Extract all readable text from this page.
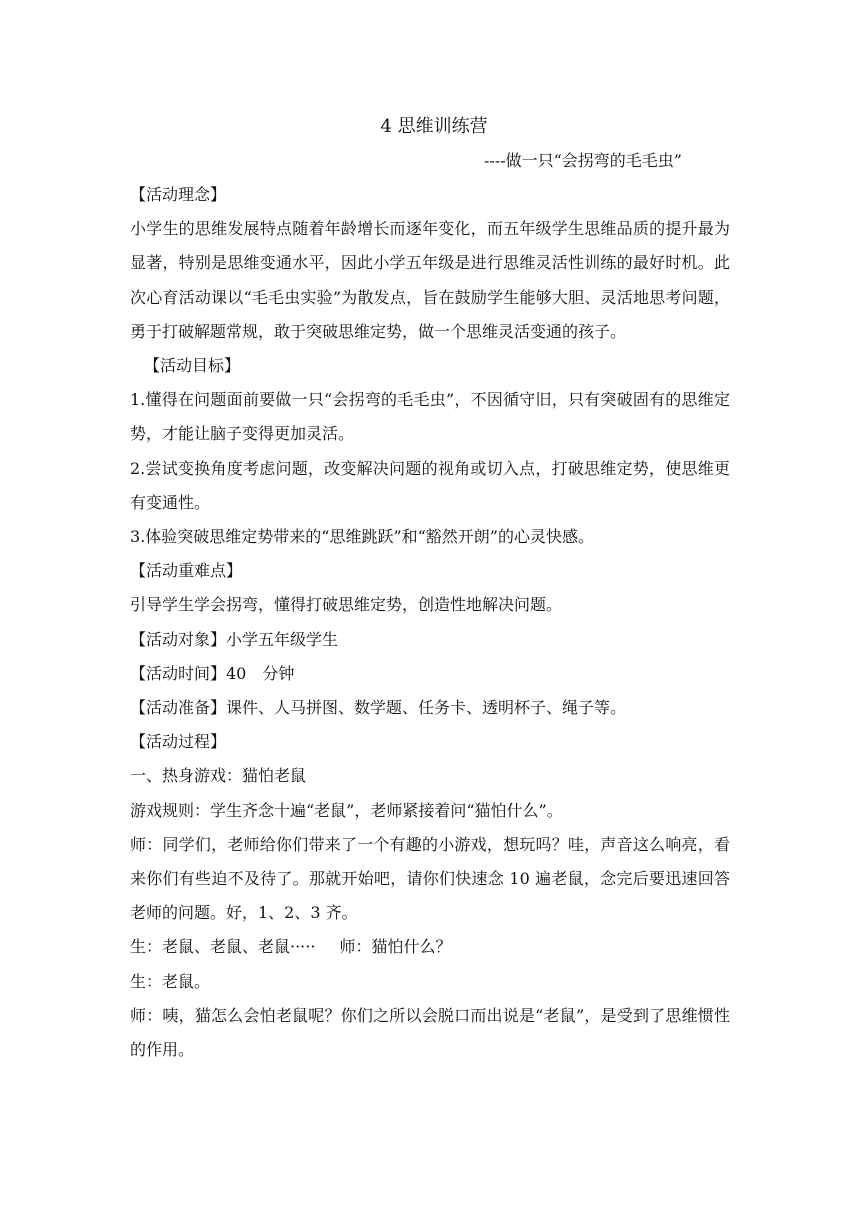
4 思维训练营

----做一只“会拐弯的毛毛虫”

【活动理念】

小学生的思维发展特点随着年龄增长而逐年变化，而五年级学生思维品质的提升最为显著，特别是思维变通水平，因此小学五年级是进行思维灵活性训练的最好时机。此次心育活动课以“毛毛虫实验”为散发点，旨在鼓励学生能够大胆、灵活地思考问题，勇于打破解题常规，敢于突破思维定势，做一个思维灵活变通的孩子。

【活动目标】

1.懂得在问题面前要做一只“会拐弯的毛毛虫”，不因循守旧，只有突破固有的思维定势，才能让脑子变得更加灵活。

2.尝试变换角度考虑问题，改变解决问题的视角或切入点，打破思维定势，使思维更有变通性。

3.体验突破思维定势带来的“思维跳跃”和“豁然开朗”的心灵快感。

【活动重难点】

引导学生学会拐弯，懂得打破思维定势，创造性地解决问题。

【活动对象】小学五年级学生

【活动时间】40　分钟

【活动准备】课件、人马拼图、数学题、任务卡、透明杯子、绳子等。

【活动过程】

一、热身游戏：猫怕老鼠

游戏规则：学生齐念十遍“老鼠”，老师紧接着问“猫怕什么”。

师：同学们，老师给你们带来了一个有趣的小游戏，想玩吗？哇，声音这么响亮，看来你们有些迫不及待了。那就开始吧，请你们快速念 10 遍老鼠，念完后要迅速回答老师的问题。好，1、2、3 齐。

生：老鼠、老鼠、老鼠····· 师：猫怕什么？

生：老鼠。

师：咦，猫怎么会怕老鼠呢？你们之所以会脱口而出说是“老鼠”，是受到了思维惯性的作用。
